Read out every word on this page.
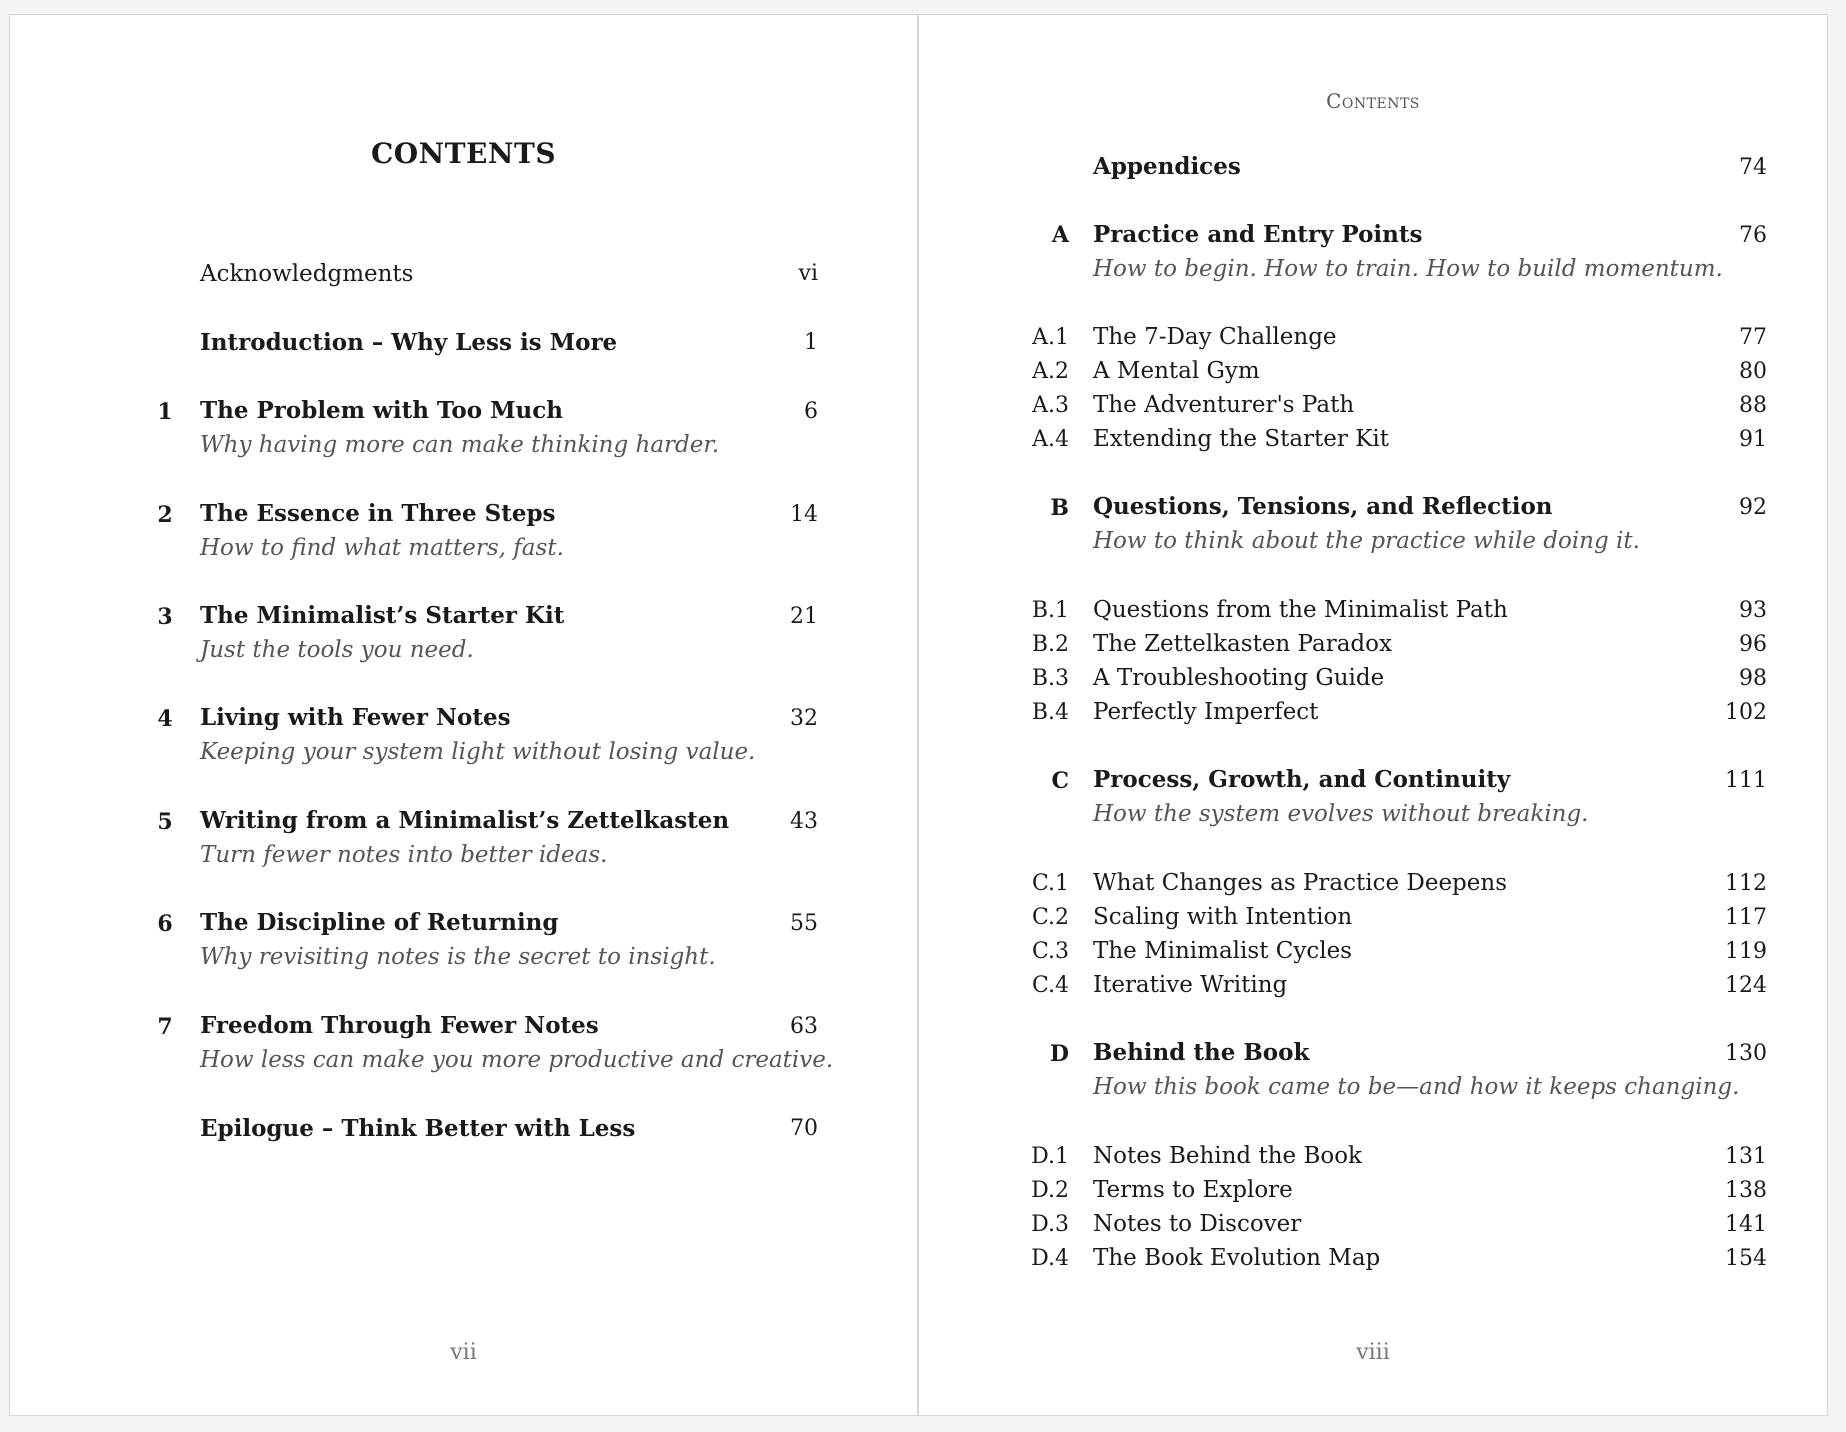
CONTENTS
Acknowledgments	vi
Introduction – Why Less is More	1
1	The Problem with Too Much	6
Why having more can make thinking harder.
2	The Essence in Three Steps	14
How to find what matters, fast.
3	The Minimalist’s Starter Kit	21
Just the tools you need.
4	Living with Fewer Notes	32
Keeping your system light without losing value.
5	Writing from a Minimalist’s Zettelkasten	43
Turn fewer notes into better ideas.
6	The Discipline of Returning	55
Why revisiting notes is the secret to insight.
7	Freedom Through Fewer Notes	63
How less can make you more productive and creative.
Epilogue – Think Better with Less	70
vii
Contents
Appendices	74
A Practice and Entry Points	76
How to begin. How to train. How to build momentum.
A.1 The 7-Day Challenge	77
A.2 A Mental Gym	80
A.3 The Adventurer's Path	88
A.4 Extending the Starter Kit	91
B Questions, Tensions, and Reflection	92
How to think about the practice while doing it.
B.1 Questions from the Minimalist Path	93
B.2 The Zettelkasten Paradox	96
B.3 A Troubleshooting Guide	98
B.4 Perfectly Imperfect	102
C Process, Growth, and Continuity	111
How the system evolves without breaking.
C.1 What Changes as Practice Deepens	112
C.2 Scaling with Intention	117
C.3 The Minimalist Cycles	119
C.4 Iterative Writing	124
D Behind the Book	130
How this book came to be—and how it keeps changing.
D.1 Notes Behind the Book	131
D.2 Terms to Explore	138
D.3 Notes to Discover	141
D.4 The Book Evolution Map	154
viii
